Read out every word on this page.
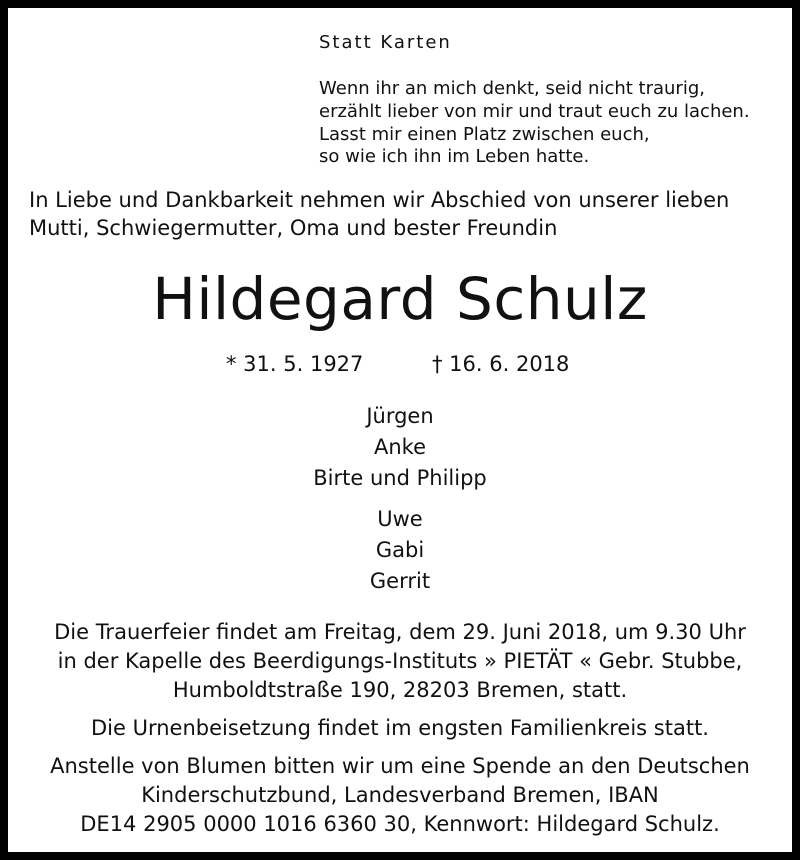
Statt Karten
Wenn ihr an mich denkt, seid nicht traurig,
erzählt lieber von mir und traut euch zu lachen.
Lasst mir einen Platz zwischen euch,
so wie ich ihn im Leben hatte.
In Liebe und Dankbarkeit nehmen wir Abschied von unserer lieben
Mutti, Schwiegermutter, Oma und bester Freundin
Hildegard Schulz
* 31. 5. 1927	† 16. 6. 2018
Jürgen
Anke
Birte und Philipp
Uwe
Gabi
Gerrit
Die Trauerfeier findet am Freitag, dem 29. Juni 2018, um 9.30 Uhr
in der Kapelle des Beerdigungs-Instituts » PIETÄT « Gebr. Stubbe,
Humboldtstraße 190, 28203 Bremen, statt.
Die Urnenbeisetzung findet im engsten Familienkreis statt.
Anstelle von Blumen bitten wir um eine Spende an den Deutschen
Kinderschutzbund, Landesverband Bremen, IBAN
DE14 2905 0000 1016 6360 30, Kennwort: Hildegard Schulz.
